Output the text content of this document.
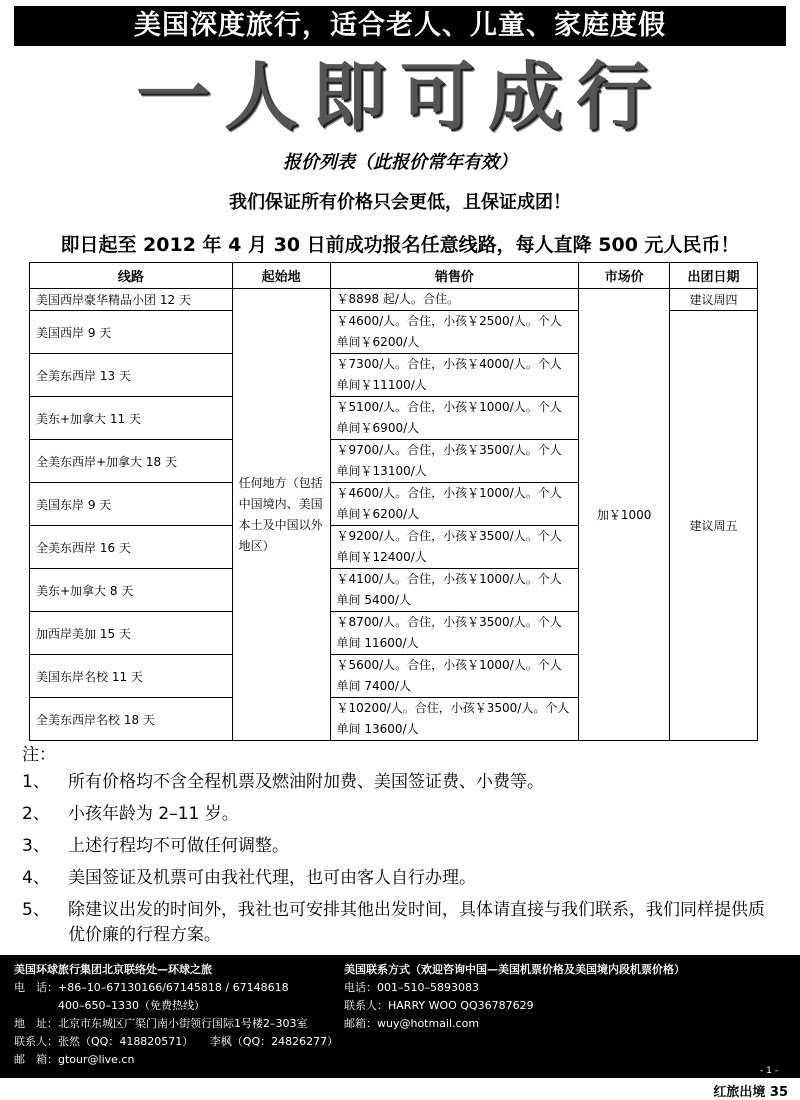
美国深度旅行，适合老人、儿童、家庭度假
一人即可成行
报价列表（此报价常年有效）
我们保证所有价格只会更低，且保证成团！
即日起至 2012 年 4 月 30 日前成功报名任意线路，每人直降 500 元人民币！
线路	起始地	销售价	市场价	出团日期
美国西岸豪华精品小团 12 天	任何地方（包括中国境内、美国本土及中国以外地区）	￥8898 起/人。合住。	加￥1000	建议周四
美国西岸 9 天		￥4600/人。合住，小孩￥2500/人。个人单间￥6200/人		建议周五
全美东西岸 13 天		￥7300/人。合住，小孩￥4000/人。个人单间￥11100/人		
美东+加拿大 11 天		￥5100/人。合住，小孩￥1000/人。个人单间￥6900/人		
全美东西岸+加拿大 18 天		￥9700/人。合住，小孩￥3500/人。个人单间￥13100/人		
美国东岸 9 天		￥4600/人。合住，小孩￥1000/人。个人单间￥6200/人		
全美东西岸 16 天		￥9200/人。合住，小孩￥3500/人。个人单间￥12400/人		
美东+加拿大 8 天		￥4100/人。合住，小孩￥1000/人。个人单间 5400/人		
加西岸美加 15 天		￥8700/人。合住，小孩￥3500/人。个人单间 11600/人		
美国东岸名校 11 天		￥5600/人。合住，小孩￥1000/人。个人单间 7400/人		
全美东西岸名校 18 天		￥10200/人。合住，小孩￥3500/人。个人单间 13600/人		
注：
1、 所有价格均不含全程机票及燃油附加费、美国签证费、小费等。
2、 小孩年龄为 2–11 岁。
3、 上述行程均不可做任何调整。
4、 美国签证及机票可由我社代理，也可由客人自行办理。
5、 除建议出发的时间外，我社也可安排其他出发时间，具体请直接与我们联系，我们同样提供质优价廉的行程方案。
美国环球旅行集团北京联络处—环球之旅
电　话：+86–10–67130166/67145818 / 67148618
　　　　400–650–1330（免费热线）
地　址：北京市东城区广渠门南小街领行国际1号楼2–303室
联系人：张然（QQ：418820571）　　李枫（QQ：24826277）
邮　箱：gtour@live.cn
美国联系方式（欢迎咨询中国—美国机票价格及美国境内段机票价格）
电话：001–510–5893083
联系人：HARRY WOO QQ36787629
邮箱：wuy@hotmail.com
- 1 -
红旅出境 35
